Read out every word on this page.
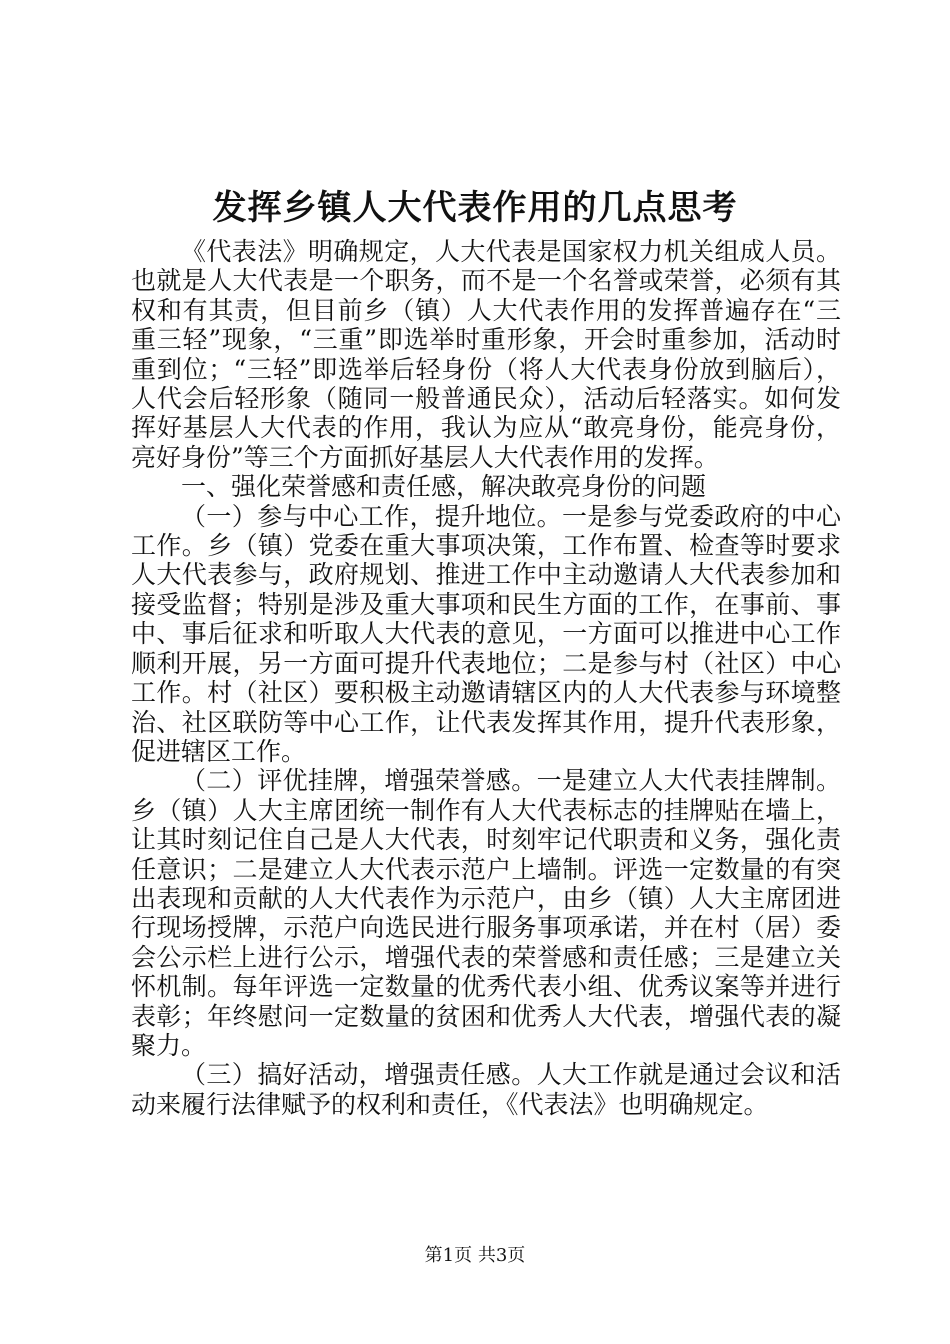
发挥乡镇人大代表作用的几点思考

《代表法》明确规定，人大代表是国家权力机关组成人员。也就是人大代表是一个职务，而不是一个名誉或荣誉，必须有其权和有其责，但目前乡（镇）人大代表作用的发挥普遍存在“三重三轻”现象，“三重”即选举时重形象，开会时重参加，活动时重到位；“三轻”即选举后轻身份（将人大代表身份放到脑后），人代会后轻形象（随同一般普通民众），活动后轻落实。如何发挥好基层人大代表的作用，我认为应从“敢亮身份，能亮身份，亮好身份”等三个方面抓好基层人大代表作用的发挥。

一、强化荣誉感和责任感，解决敢亮身份的问题

（一）参与中心工作，提升地位。一是参与党委政府的中心工作。乡（镇）党委在重大事项决策，工作布置、检查等时要求人大代表参与，政府规划、推进工作中主动邀请人大代表参加和接受监督；特别是涉及重大事项和民生方面的工作，在事前、事中、事后征求和听取人大代表的意见，一方面可以推进中心工作顺利开展，另一方面可提升代表地位；二是参与村（社区）中心工作。村（社区）要积极主动邀请辖区内的人大代表参与环境整治、社区联防等中心工作，让代表发挥其作用，提升代表形象，促进辖区工作。

（二）评优挂牌，增强荣誉感。一是建立人大代表挂牌制。乡（镇）人大主席团统一制作有人大代表标志的挂牌贴在墙上，让其时刻记住自己是人大代表，时刻牢记代职责和义务，强化责任意识；二是建立人大代表示范户上墙制。评选一定数量的有突出表现和贡献的人大代表作为示范户，由乡（镇）人大主席团进行现场授牌，示范户向选民进行服务事项承诺，并在村（居）委会公示栏上进行公示，增强代表的荣誉感和责任感；三是建立关怀机制。每年评选一定数量的优秀代表小组、优秀议案等并进行表彰；年终慰问一定数量的贫困和优秀人大代表，增强代表的凝聚力。

（三）搞好活动，增强责任感。人大工作就是通过会议和活动来履行法律赋予的权利和责任，《代表法》也明确规定。

第1页 共3页
